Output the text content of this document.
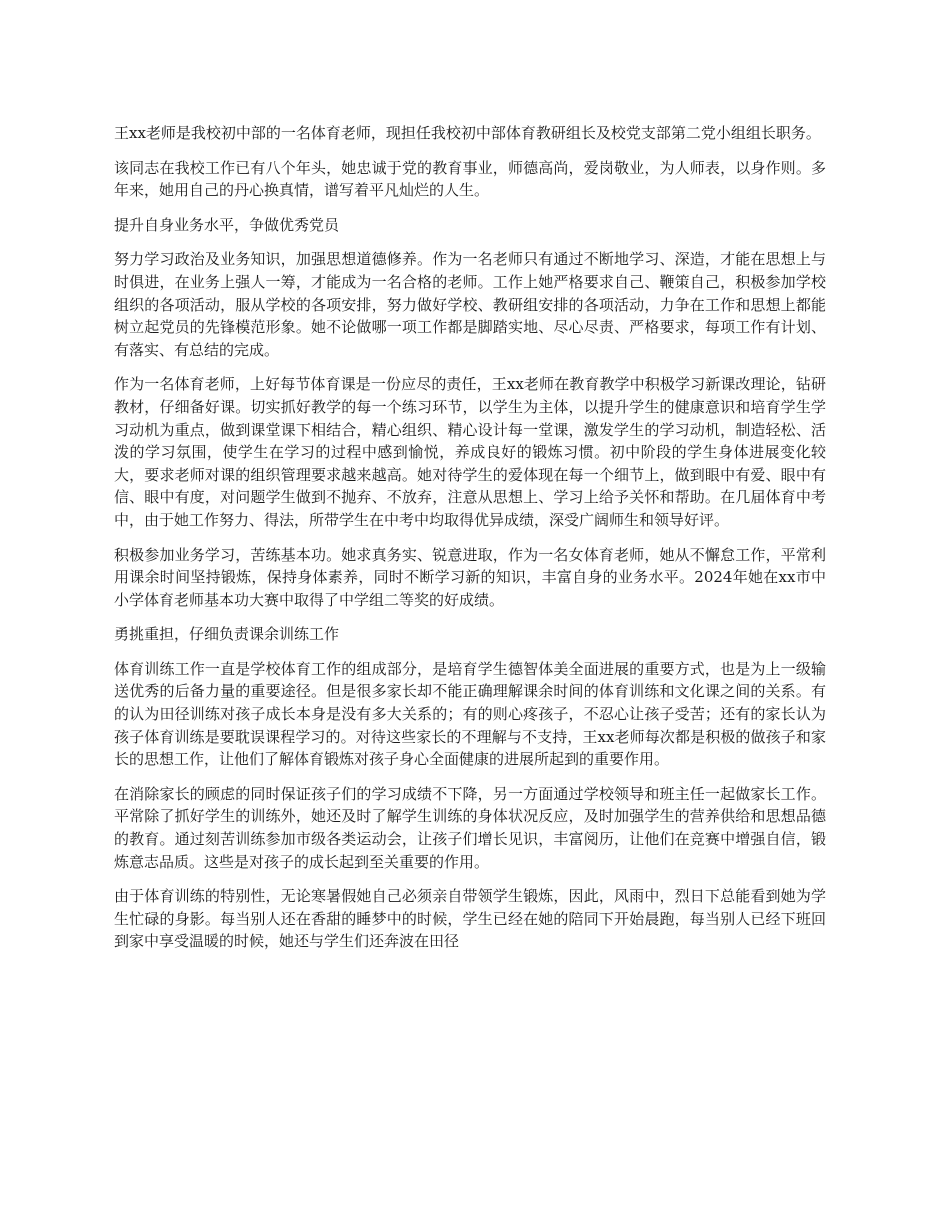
王xx老师是我校初中部的一名体育老师，现担任我校初中部体育教研组长及校党支部第二党小组组长职务。

该同志在我校工作已有八个年头，她忠诚于党的教育事业，师德高尚，爱岗敬业，为人师表，以身作则。多年来，她用自己的丹心换真情，谱写着平凡灿烂的人生。

提升自身业务水平，争做优秀党员

努力学习政治及业务知识，加强思想道德修养。作为一名老师只有通过不断地学习、深造，才能在思想上与时俱进，在业务上强人一筹，才能成为一名合格的老师。工作上她严格要求自己、鞭策自己，积极参加学校组织的各项活动，服从学校的各项安排，努力做好学校、教研组安排的各项活动，力争在工作和思想上都能树立起党员的先锋模范形象。她不论做哪一项工作都是脚踏实地、尽心尽责、严格要求，每项工作有计划、有落实、有总结的完成。

作为一名体育老师，上好每节体育课是一份应尽的责任，王xx老师在教育教学中积极学习新课改理论，钻研教材，仔细备好课。切实抓好教学的每一个练习环节，以学生为主体，以提升学生的健康意识和培育学生学习动机为重点，做到课堂课下相结合，精心组织、精心设计每一堂课，激发学生的学习动机，制造轻松、活泼的学习氛围，使学生在学习的过程中感到愉悦，养成良好的锻炼习惯。初中阶段的学生身体进展变化较大，要求老师对课的组织管理要求越来越高。她对待学生的爱体现在每一个细节上，做到眼中有爱、眼中有信、眼中有度，对问题学生做到不抛弃、不放弃，注意从思想上、学习上给予关怀和帮助。在几届体育中考中，由于她工作努力、得法，所带学生在中考中均取得优异成绩，深受广阔师生和领导好评。

积极参加业务学习，苦练基本功。她求真务实、锐意进取，作为一名女体育老师，她从不懈怠工作，平常利用课余时间坚持锻炼，保持身体素养，同时不断学习新的知识，丰富自身的业务水平。2024年她在xx市中小学体育老师基本功大赛中取得了中学组二等奖的好成绩。

勇挑重担，仔细负责课余训练工作

体育训练工作一直是学校体育工作的组成部分，是培育学生德智体美全面进展的重要方式，也是为上一级输送优秀的后备力量的重要途径。但是很多家长却不能正确理解课余时间的体育训练和文化课之间的关系。有的认为田径训练对孩子成长本身是没有多大关系的；有的则心疼孩子，不忍心让孩子受苦；还有的家长认为孩子体育训练是要耽误课程学习的。对待这些家长的不理解与不支持，王xx老师每次都是积极的做孩子和家长的思想工作，让他们了解体育锻炼对孩子身心全面健康的进展所起到的重要作用。

在消除家长的顾虑的同时保证孩子们的学习成绩不下降，另一方面通过学校领导和班主任一起做家长工作。平常除了抓好学生的训练外，她还及时了解学生训练的身体状况反应，及时加强学生的营养供给和思想品德的教育。通过刻苦训练参加市级各类运动会，让孩子们增长见识，丰富阅历，让他们在竞赛中增强自信，锻炼意志品质。这些是对孩子的成长起到至关重要的作用。

由于体育训练的特别性，无论寒暑假她自己必须亲自带领学生锻炼，因此，风雨中，烈日下总能看到她为学生忙碌的身影。每当别人还在香甜的睡梦中的时候，学生已经在她的陪同下开始晨跑，每当别人已经下班回到家中享受温暖的时候，她还与学生们还奔波在田径
